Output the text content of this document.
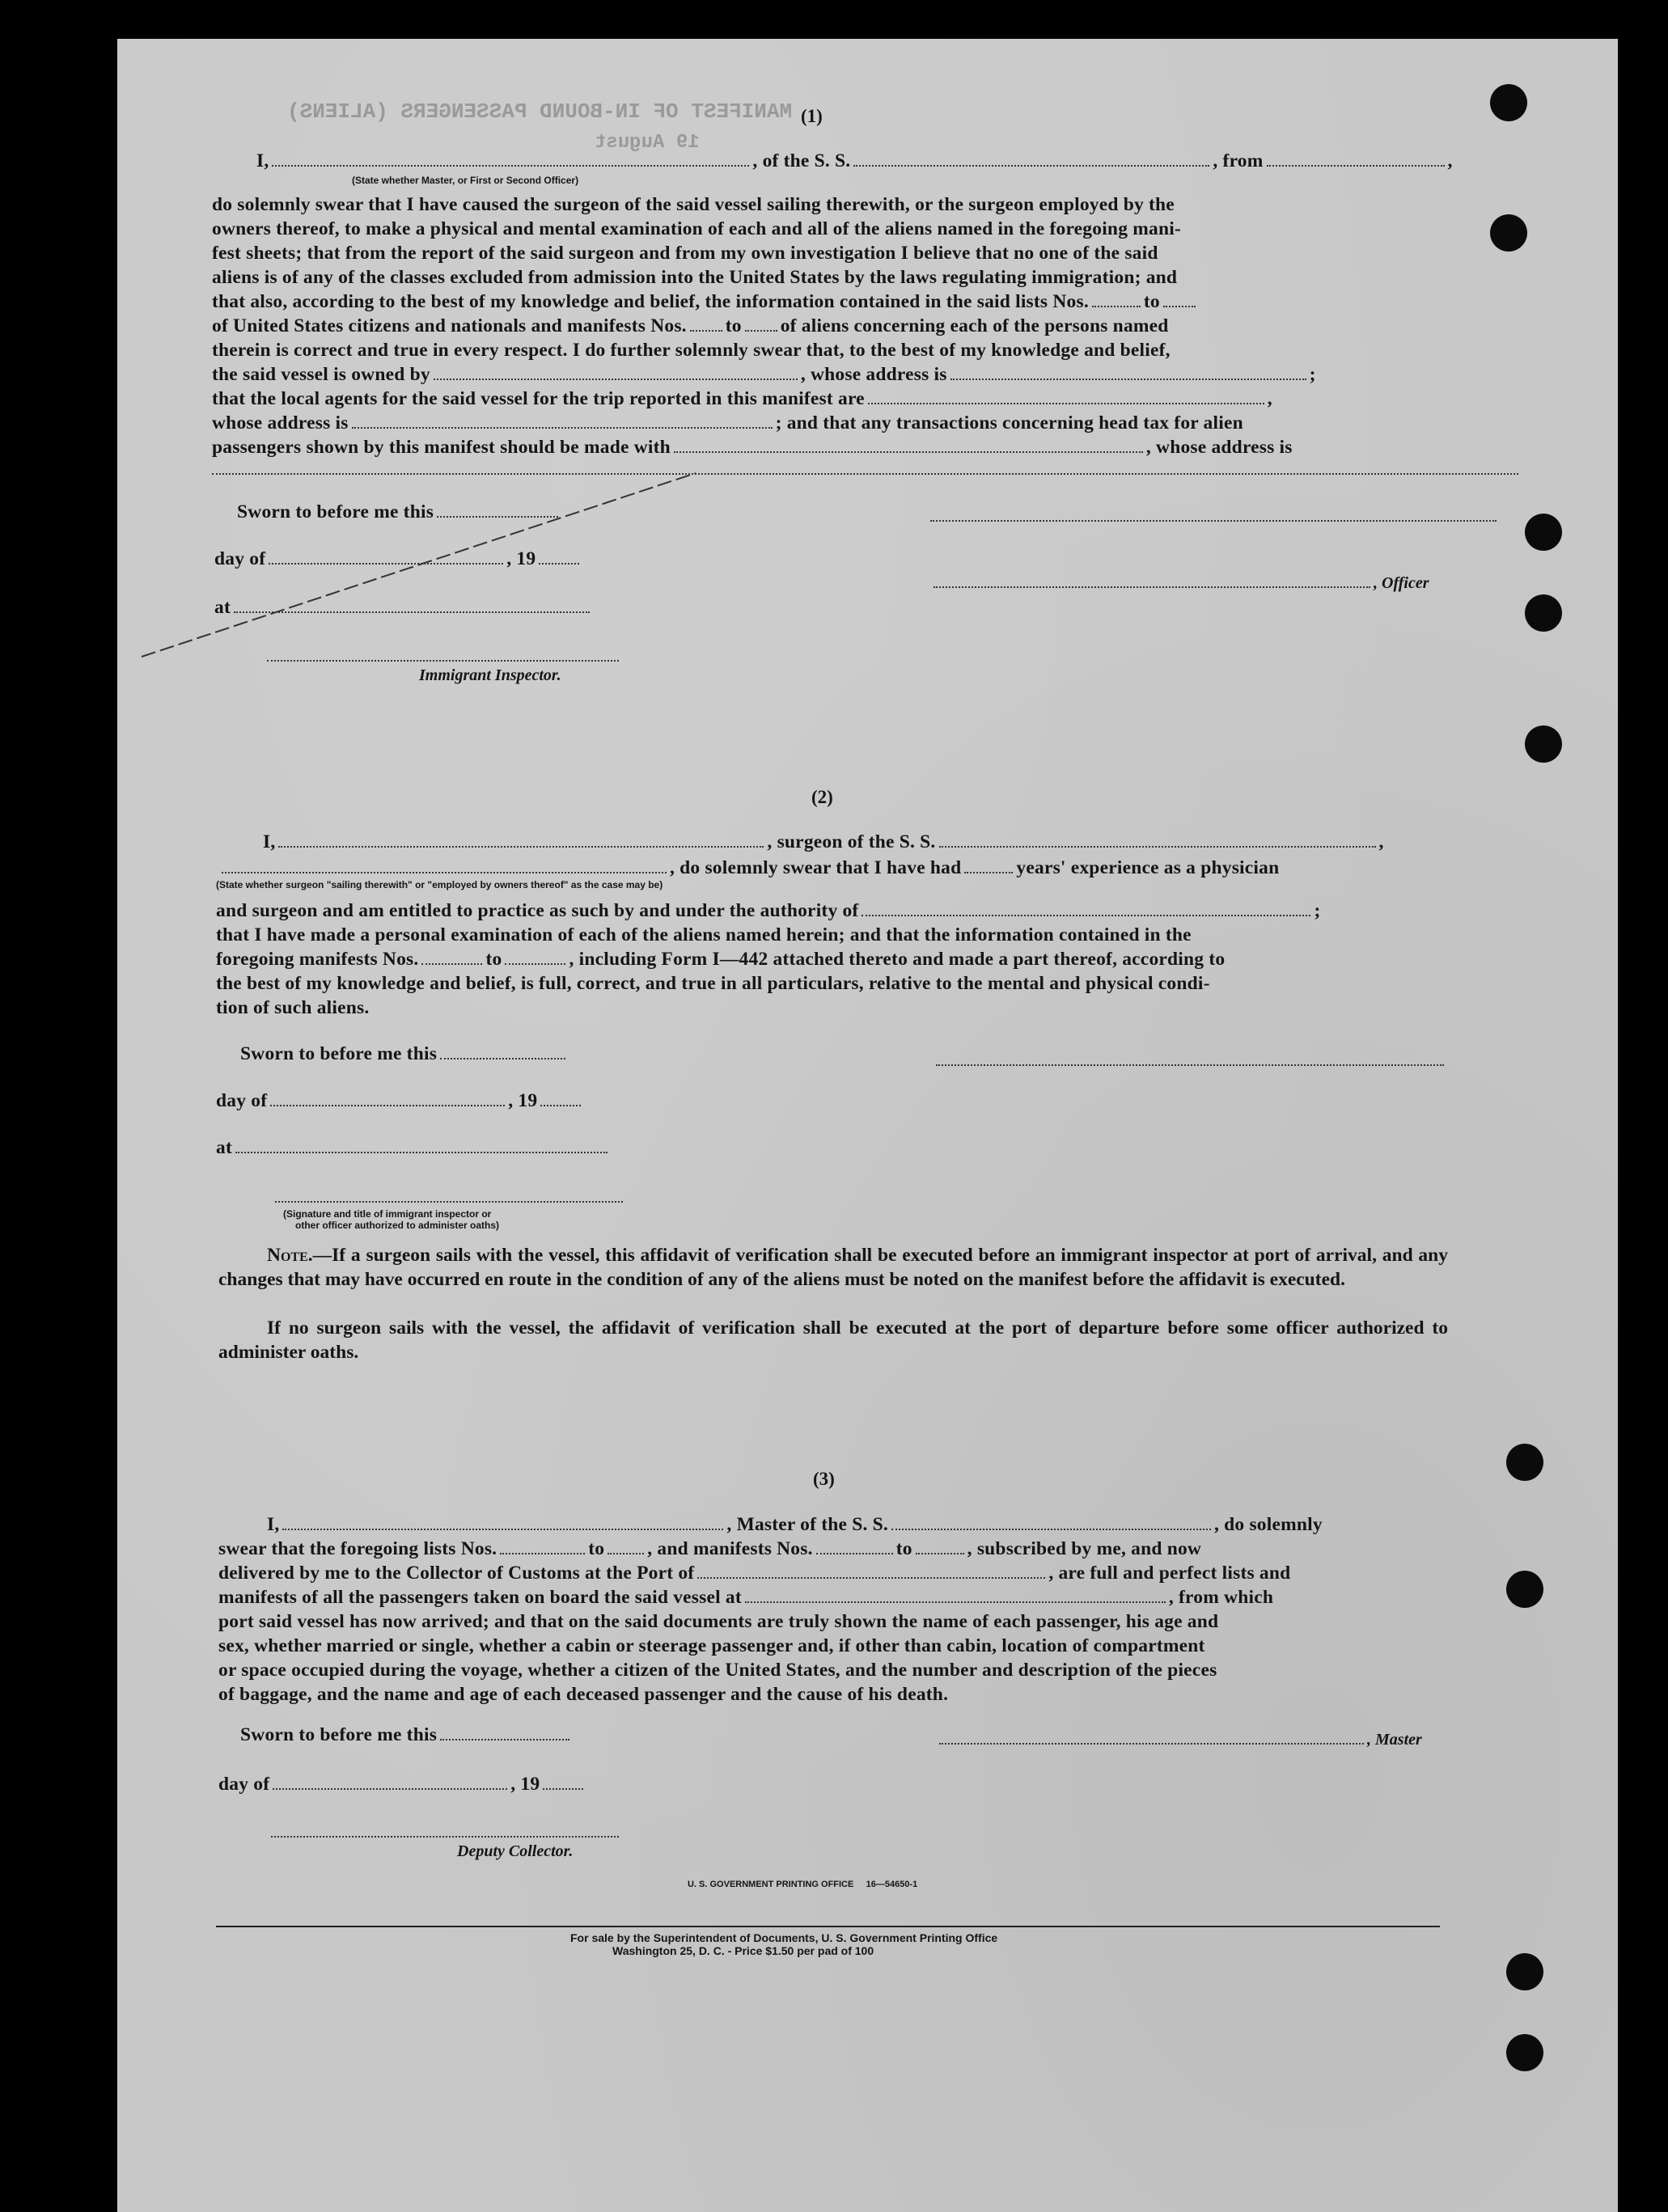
MANIFEST OF IN-BOUND PASSENGERS (ALIENS)
19 August
(1)
I,	, of the S. S.	, from	,
(State whether Master, or First or Second Officer)
do solemnly swear that I have caused the surgeon of the said vessel sailing therewith, or the surgeon employed by the
owners thereof, to make a physical and mental examination of each and all of the aliens named in the foregoing mani-
fest sheets; that from the report of the said surgeon and from my own investigation I believe that no one of the said
aliens is of any of the classes excluded from admission into the United States by the laws regulating immigration; and
that also, according to the best of my knowledge and belief, the information contained in the said lists Nos.	to
of United States citizens and nationals and manifests Nos. to of aliens concerning each of the persons named
therein is correct and true in every respect. I do further solemnly swear that, to the best of my knowledge and belief,
the said vessel is owned by	, whose address is	;
that the local agents for the said vessel for the trip reported in this manifest are	,
whose address is	; and that any transactions concerning head tax for alien
passengers shown by this manifest should be made with	, whose address is
Sworn to before me this
day of	, 19
, Officer
at
Immigrant Inspector.
(2)
I,	, surgeon of the S. S.	,
, do solemnly swear that I have had	years' experience as a physician
(State whether surgeon "sailing therewith" or "employed by owners thereof" as the case may be)
and surgeon and am entitled to practice as such by and under the authority of	;
that I have made a personal examination of each of the aliens named herein; and that the information contained in the
foregoing manifests Nos.	to	, including Form I—442 attached thereto and made a part thereof, according to
the best of my knowledge and belief, is full, correct, and true in all particulars, relative to the mental and physical condi-
tion of such aliens.
Sworn to before me this
day of	, 19
at
(Signature and title of immigrant inspector or
other officer authorized to administer oaths)
Note.—If a surgeon sails with the vessel, this affidavit of verification shall be executed before an immigrant inspector at port of arrival, and any changes that may have occurred en route in the condition of any of the aliens must be noted on the manifest before the affidavit is executed.
If no surgeon sails with the vessel, the affidavit of verification shall be executed at the port of departure before some officer authorized to administer oaths.
(3)
I,	, Master of the S. S.	, do solemnly
swear that the foregoing lists Nos.	to , and manifests Nos.	to	, subscribed by me, and now
delivered by me to the Collector of Customs at the Port of	, are full and perfect lists and
manifests of all the passengers taken on board the said vessel at	, from which
port said vessel has now arrived; and that on the said documents are truly shown the name of each passenger, his age and
sex, whether married or single, whether a cabin or steerage passenger and, if other than cabin, location of compartment
or space occupied during the voyage, whether a citizen of the United States, and the number and description of the pieces
of baggage, and the name and age of each deceased passenger and the cause of his death.
Sworn to before me this	, Master
day of	, 19
Deputy Collector.
U. S. GOVERNMENT PRINTING OFFICE     16—54650-1
For sale by the Superintendent of Documents, U. S. Government Printing Office
Washington 25, D. C. - Price $1.50 per pad of 100
